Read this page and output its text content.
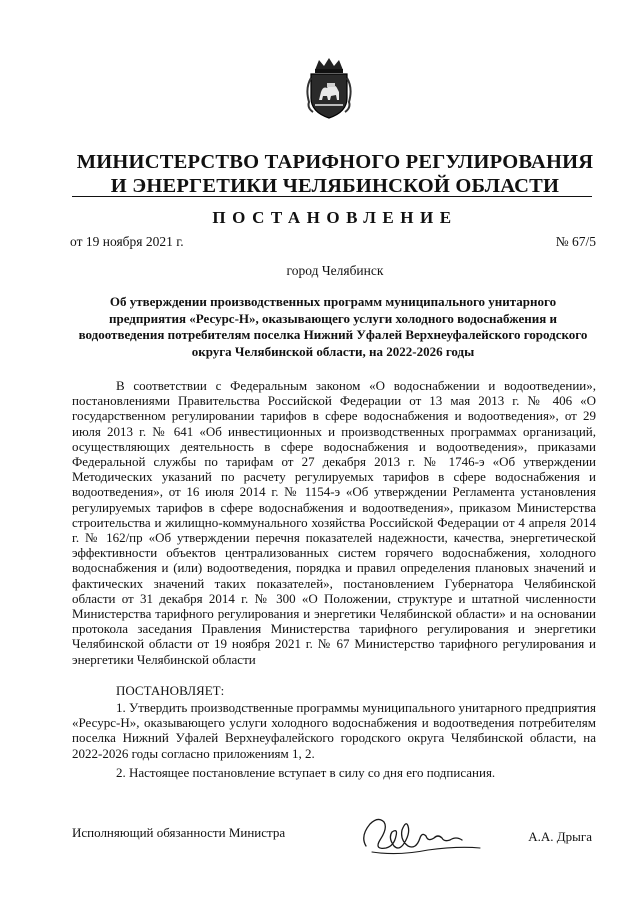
МИНИСТЕРСТВО ТАРИФНОГО РЕГУЛИРОВАНИЯ
И ЭНЕРГЕТИКИ ЧЕЛЯБИНСКОЙ ОБЛАСТИ
ПОСТАНОВЛЕНИЕ
от 19 ноября 2021 г.	№ 67/5
город Челябинск
Об утверждении производственных программ муниципального унитарного предприятия «Ресурс-Н», оказывающего услуги холодного водоснабжения и водоотведения потребителям поселка Нижний Уфалей Верхнеуфалейского городского округа Челябинской области, на 2022-2026 годы

В соответствии с Федеральным законом «О водоснабжении и водоотведении», постановлениями Правительства Российской Федерации от 13 мая 2013 г. № 406 «О государственном регулировании тарифов в сфере водоснабжения и водоотведения», от 29 июля 2013 г. № 641 «Об инвестиционных и производственных программах организаций, осуществляющих деятельность в сфере водоснабжения и водоотведения», приказами Федеральной службы по тарифам от 27 декабря 2013 г. № 1746-э «Об утверждении Методических указаний по расчету регулируемых тарифов в сфере водоснабжения и водоотведения», от 16 июля 2014 г. № 1154-э «Об утверждении Регламента установления регулируемых тарифов в сфере водоснабжения и водоотведения», приказом Министерства строительства и жилищно-коммунального хозяйства Российской Федерации от 4 апреля 2014 г. № 162/пр «Об утверждении перечня показателей надежности, качества, энергетической эффективности объектов централизованных систем горячего водоснабжения, холодного водоснабжения и (или) водоотведения, порядка и правил определения плановых значений и фактических значений таких показателей», постановлением Губернатора Челябинской области от 31 декабря 2014 г. № 300 «О Положении, структуре и штатной численности Министерства тарифного регулирования и энергетики Челябинской области» и на основании протокола заседания Правления Министерства тарифного регулирования и энергетики Челябинской области от 19 ноября 2021 г. № 67 Министерство тарифного регулирования и энергетики Челябинской области

ПОСТАНОВЛЯЕТ:

1. Утвердить производственные программы муниципального унитарного предприятия «Ресурс-Н», оказывающего услуги холодного водоснабжения и водоотведения потребителям поселка Нижний Уфалей Верхнеуфалейского городского округа Челябинской области, на 2022-2026 годы согласно приложениям 1, 2.

2. Настоящее постановление вступает в силу со дня его подписания.

Исполняющий обязанности Министра	А.А. Дрыга
